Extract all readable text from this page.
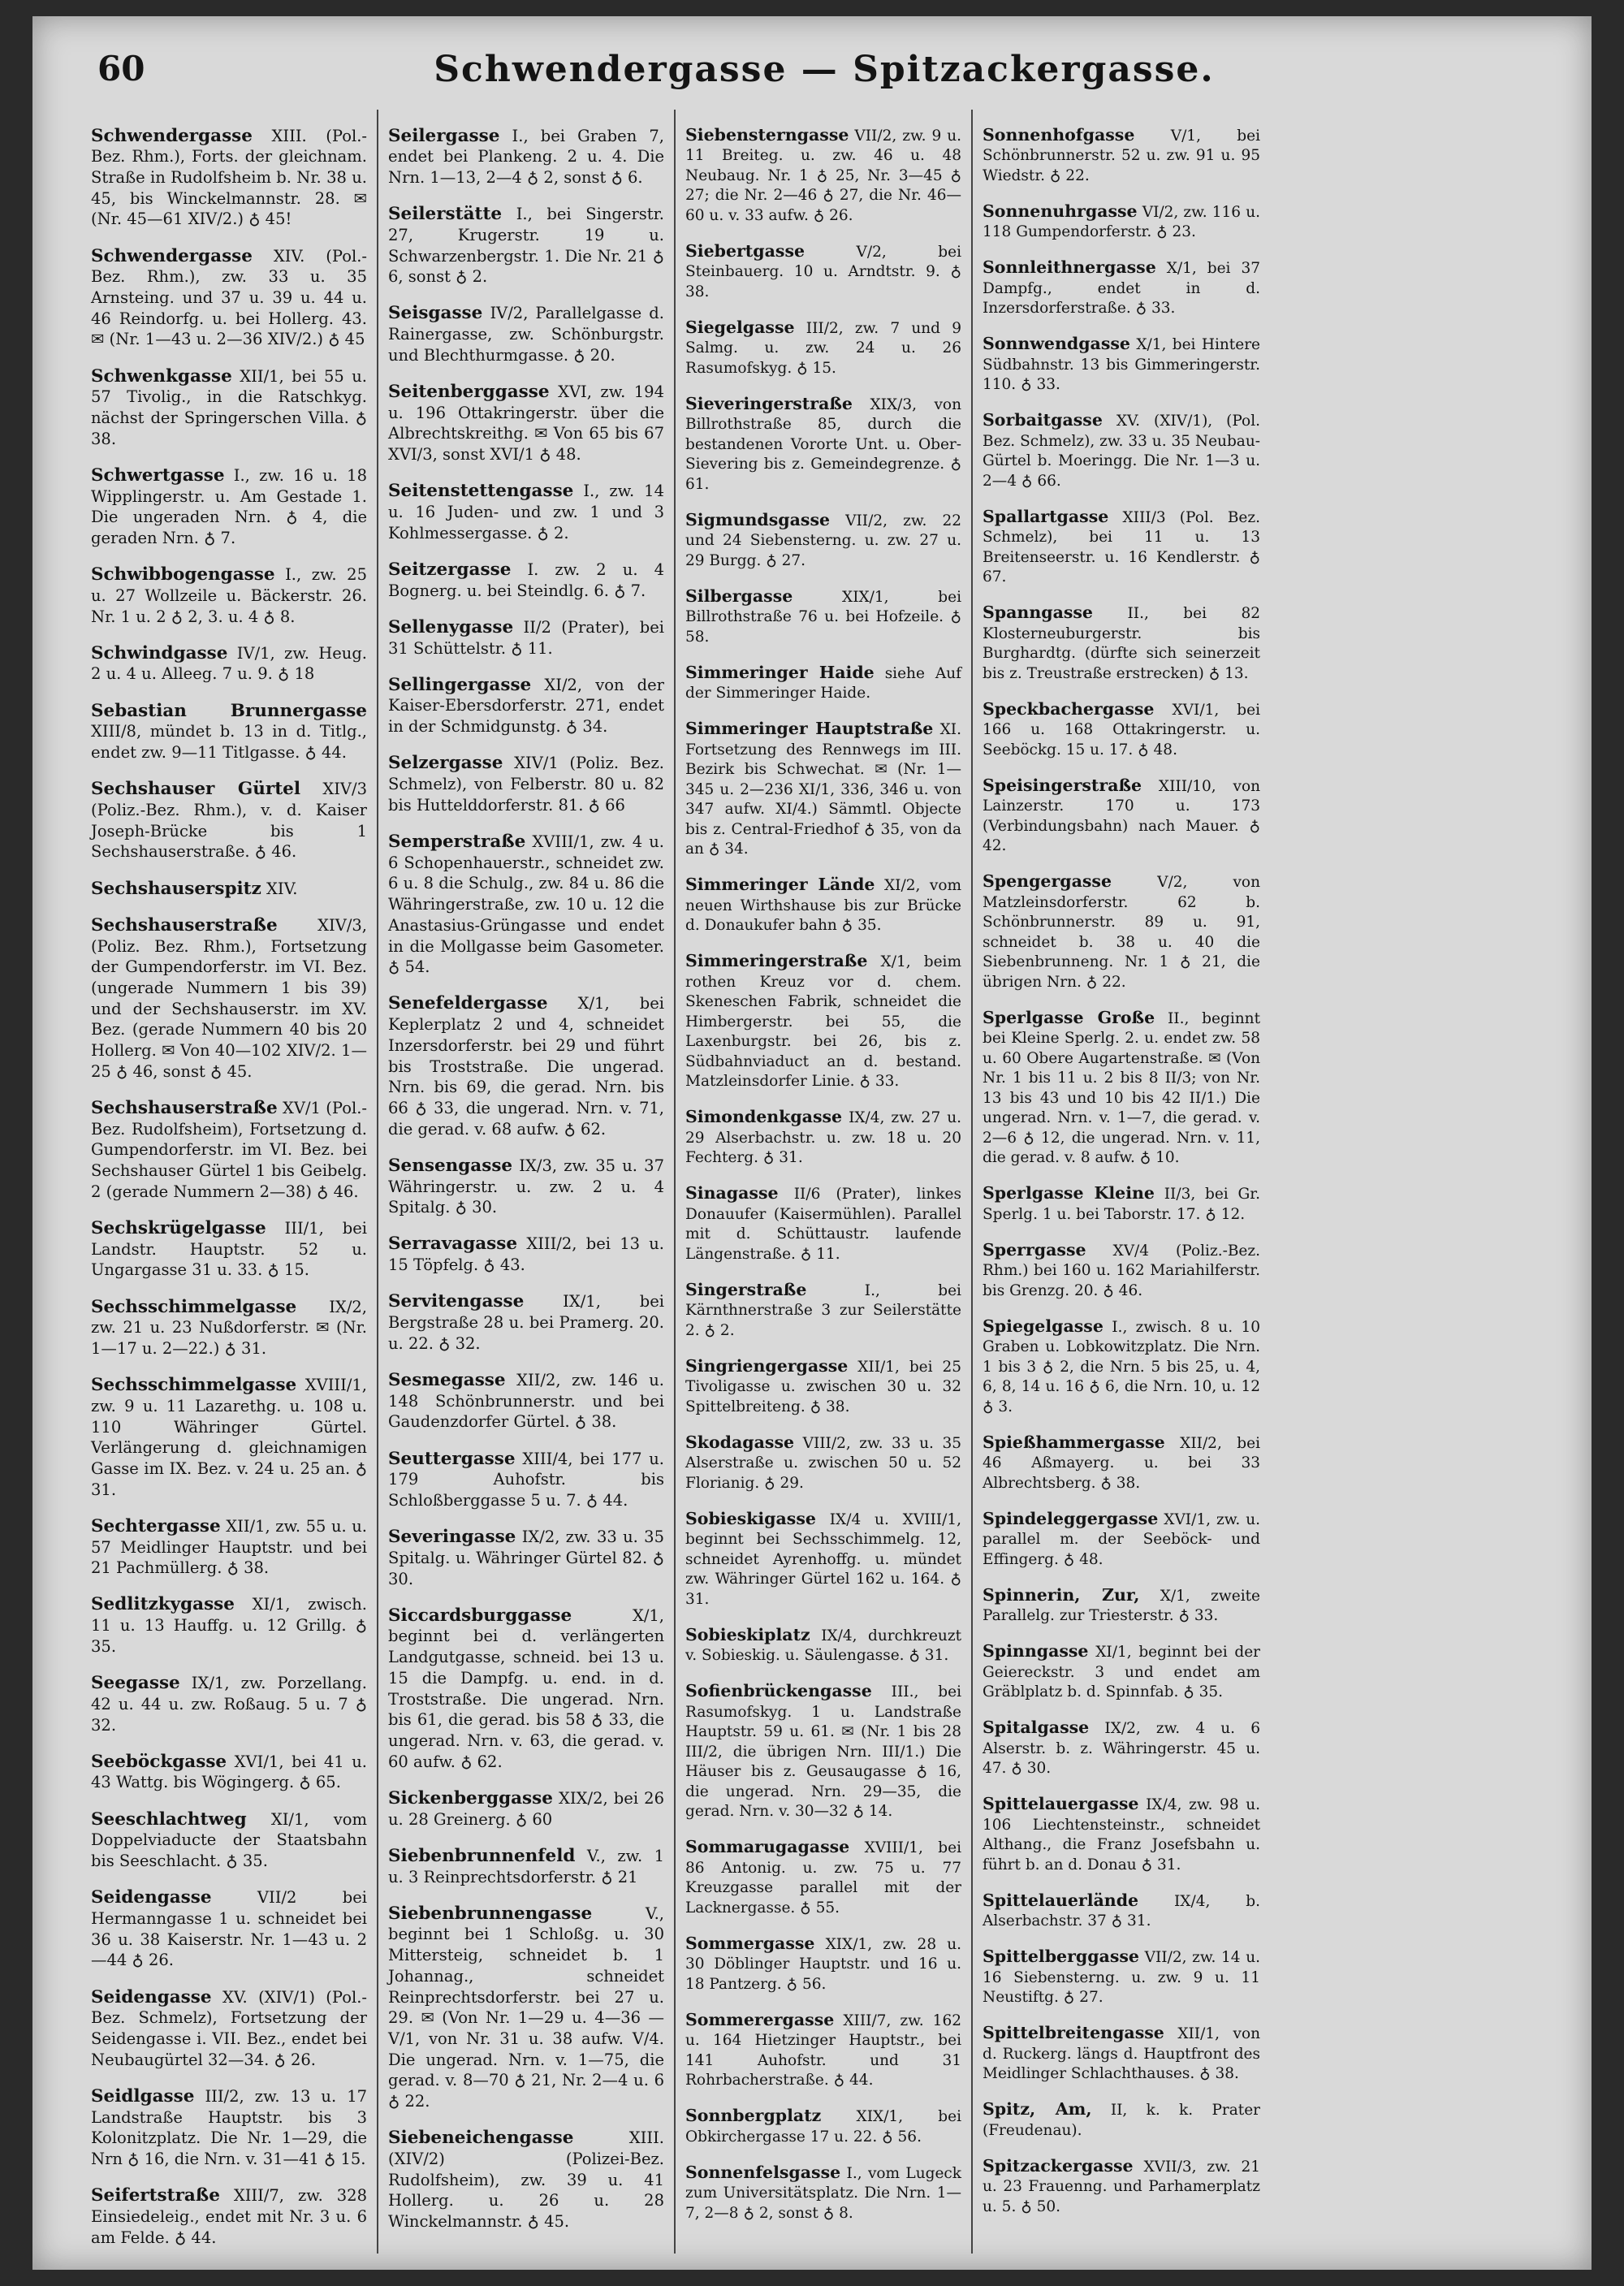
60	Schwendergasse — Spitzackergasse.

Schwendergasse XIII. (Pol.-Bez. Rhm.), Forts. der gleichnam. Straße in Rudolfsheim b. Nr. 38 u. 45, bis Winckelmannstr. 28. ✉ (Nr. 45—61 XIV/2.) ♁ 45!

Schwendergasse XIV. (Pol.-Bez. Rhm.), zw. 33 u. 35 Arnsteing. und 37 u. 39 u. 44 u. 46 Reindorfg. u. bei Hollerg. 43. ✉ (Nr. 1—43 u. 2—36 XIV/2.) ♁ 45

Schwenkgasse XII/1, bei 55 u. 57 Tivolig., in die Ratschkyg. nächst der Springerschen Villa. ♁ 38.

Schwertgasse I., zw. 16 u. 18 Wipplingerstr. u. Am Gestade 1. Die ungeraden Nrn. ♁ 4, die geraden Nrn. ♁ 7.

Schwibbogengasse I., zw. 25 u. 27 Wollzeile u. Bäckerstr. 26. Nr. 1 u. 2 ♁ 2, 3. u. 4 ♁ 8.

Schwindgasse IV/1, zw. Heug. 2 u. 4 u. Alleeg. 7 u. 9. ♁ 18

Sebastian Brunnergasse XIII/8, mündet b. 13 in d. Titlg., endet zw. 9—11 Titlgasse. ♁ 44.

Sechshauser Gürtel XIV/3 (Poliz.-Bez. Rhm.), v. d. Kaiser Joseph-Brücke bis 1 Sechshauserstraße. ♁ 46.

Sechshauserspitz XIV.

Sechshauserstraße	XIV/3, (Poliz. Bez. Rhm.), Fortsetzung der Gumpendorferstr. im VI. Bez. (ungerade Nummern 1 bis 39) und der Sechshauserstr. im XV. Bez. (gerade Nummern 40 bis 20 Hollerg. ✉ Von 40—102 XIV/2. 1—25 ♁ 46, sonst ♁ 45.

Sechshauserstraße XV/1 (Pol.-Bez. Rudolfsheim), Fortsetzung d. Gumpendorferstr. im VI. Bez. bei Sechshauser Gürtel 1 bis Geibelg. 2 (gerade Nummern 2—38) ♁ 46.

Sechskrügelgasse III/1, bei Landstr. Hauptstr. 52 u. Ungargasse 31 u. 33. ♁ 15.

Sechsschimmelgasse IX/2, zw. 21 u. 23 Nußdorferstr. ✉ (Nr. 1—17 u. 2—22.) ♁ 31.

Sechsschimmelgasse XVIII/1, zw. 9 u. 11 Lazarethg. u. 108 u. 110 Währinger Gürtel. Verlängerung d. gleichnamigen Gasse im IX. Bez. v. 24 u. 25 an. ♁ 31.

Sechtergasse XII/1, zw. 55 u. u. 57 Meidlinger Hauptstr. und bei 21 Pachmüllerg. ♁ 38.

Sedlitzkygasse XI/1, zwisch. 11 u. 13 Hauffg. u. 12 Grillg. ♁ 35.

Seegasse IX/1, zw. Porzellang. 42 u. 44 u. zw. Roßaug. 5 u. 7 ♁ 32.

Seeböckgasse XVI/1, bei 41 u. 43 Wattg. bis Wögingerg. ♁ 65.

Seeschlachtweg XI/1, vom Doppelviaducte der Staatsbahn bis Seeschlacht. ♁ 35.

Seidengasse	VII/2 bei Hermanngasse 1 u. schneidet bei 36 u. 38 Kaiserstr. Nr. 1—43 u. 2—44 ♁ 26.

Seidengasse XV. (XIV/1) (Pol.-Bez. Schmelz), Fortsetzung der Seidengasse i. VII. Bez., endet bei Neubaugürtel 32—34. ♁ 26.

Seidlgasse III/2, zw. 13 u. 17 Landstraße Hauptstr. bis 3 Kolonitzplatz. Die Nr. 1—29, die Nrn ♁ 16, die Nrn. v. 31—41 ♁ 15.

Seifertstraße XIII/7, zw. 328 Einsiedeleig., endet mit Nr. 3 u. 6 am Felde. ♁ 44.

Seilergasse I., bei Graben 7, endet bei Plankeng. 2 u. 4. Die Nrn. 1—13, 2—4 ♁ 2, sonst ♁ 6.

Seilerstätte I., bei Singerstr. 27, Krugerstr. 19 u. Schwarzenbergstr. 1. Die Nr. 21 ♁ 6, sonst ♁ 2.

Seisgasse IV/2, Parallelgasse d. Rainergasse, zw. Schönburgstr. und Blechthurmgasse. ♁ 20.

Seitenberggasse XVI, zw. 194 u. 196 Ottakringerstr. über die Albrechtskreithg. ✉ Von 65 bis 67 XVI/3, sonst XVI/1 ♁ 48.

Seitenstettengasse I., zw. 14 u. 16 Juden- und zw. 1 und 3 Kohlmessergasse. ♁ 2.

Seitzergasse I. zw. 2 u. 4 Bognerg. u. bei Steindlg. 6. ♁ 7.

Sellenygasse II/2 (Prater), bei 31 Schüttelstr. ♁ 11.

Sellingergasse XI/2, von der Kaiser-Ebersdorferstr. 271, endet in der Schmidgunstg. ♁ 34.

Selzergasse XIV/1 (Poliz. Bez. Schmelz), von Felberstr. 80 u. 82 bis Huttelddorferstr. 81. ♁ 66

Semperstraße XVIII/1, zw. 4 u. 6 Schopenhauerstr., schneidet zw. 6 u. 8 die Schulg., zw. 84 u. 86 die Währingerstraße, zw. 10 u. 12 die Anastasius-Grüngasse und endet in die Mollgasse beim Gasometer. ♁ 54.

Senefeldergasse X/1, bei Keplerplatz 2 und 4, schneidet Inzersdorferstr. bei 29 und führt bis Troststraße. Die ungerad. Nrn. bis 69, die gerad. Nrn. bis 66 ♁ 33, die ungerad. Nrn. v. 71, die gerad. v. 68 aufw. ♁ 62.

Sensengasse IX/3, zw. 35 u. 37 Währingerstr. u. zw. 2 u. 4 Spitalg. ♁ 30.

Serravagasse XIII/2, bei 13 u. 15 Töpfelg. ♁ 43.

Servitengasse IX/1, bei Bergstraße 28 u. bei Pramerg. 20. u. 22. ♁ 32.

Sesmegasse XII/2, zw. 146 u. 148 Schönbrunnerstr. und bei Gaudenzdorfer Gürtel. ♁ 38.

Seuttergasse XIII/4, bei 177 u. 179 Auhofstr. bis Schloßberggasse 5 u. 7. ♁ 44.

Severingasse IX/2, zw. 33 u. 35 Spitalg. u. Währinger Gürtel 82. ♁ 30.

Siccardsburggasse	X/1, beginnt bei d. verlängerten Landgutgasse, schneid. bei 13 u. 15 die Dampfg. u. end. in d. Troststraße. Die ungerad. Nrn. bis 61, die gerad. bis 58 ♁ 33, die ungerad. Nrn. v. 63, die gerad. v. 60 aufw. ♁ 62.

Sickenberggasse XIX/2, bei 26 u. 28 Greinerg. ♁ 60

Siebenbrunnenfeld V., zw. 1 u. 3 Reinprechtsdorferstr. ♁ 21

Siebenbrunnengasse	V., beginnt bei 1 Schloßg. u. 30 Mittersteig, schneidet b. 1 Johannag., schneidet Reinprechtsdorferstr. bei 27 u. 29. ✉ (Von Nr. 1—29 u. 4—36 — V/1, von Nr. 31 u. 38 aufw. V/4. Die ungerad. Nrn. v. 1—75, die gerad. v. 8—70 ♁ 21, Nr. 2—4 u. 6 ♁ 22.

Siebeneichengasse	XIII. (XIV/2) (Polizei-Bez. Rudolfsheim), zw. 39 u. 41 Hollerg. u. 26 u. 28 Winckelmannstr. ♁ 45.

Siebensterngasse VII/2, zw. 9 u. 11 Breiteg. u. zw. 46 u. 48 Neubaug. Nr. 1 ♁ 25, Nr. 3—45 ♁ 27; die Nr. 2—46 ♁ 27, die Nr. 46—60 u. v. 33 aufw. ♁ 26.

Siebertgasse	V/2, bei Steinbauerg. 10 u. Arndtstr. 9. ♁ 38.

Siegelgasse III/2, zw. 7 und 9 Salmg. u. zw. 24 u. 26 Rasumofskyg. ♁ 15.

Sieveringerstraße XIX/3, von Billrothstraße 85, durch die bestandenen Vororte Unt. u. Ober-Sievering bis z. Gemeindegrenze. ♁ 61.

Sigmundsgasse VII/2, zw. 22 und 24 Siebensterng. u. zw. 27 u. 29 Burgg. ♁ 27.

Silbergasse	XIX/1, bei Billrothstraße 76 u. bei Hofzeile. ♁ 58.

Simmeringer Haide siehe Auf der Simmeringer Haide.

Simmeringer Hauptstraße XI. Fortsetzung des Rennwegs im III. Bezirk bis Schwechat. ✉ (Nr. 1—345 u. 2—236 XI/1, 336, 346 u. von 347 aufw. XI/4.) Sämmtl. Objecte bis z. Central-Friedhof ♁ 35, von da an ♁ 34.

Simmeringer Lände XI/2, vom neuen Wirthshause bis zur Brücke d. Donaukufer bahn ♁ 35.

Simmeringerstraße X/1, beim rothen Kreuz vor d. chem. Skeneschen Fabrik, schneidet die Himbergerstr. bei 55, die Laxenburgstr. bei 26, bis z. Südbahnviaduct an d. bestand. Matzleinsdorfer Linie. ♁ 33.

Simondenkgasse IX/4, zw. 27 u. 29 Alserbachstr. u. zw. 18 u. 20 Fechterg. ♁ 31.

Sinagasse II/6 (Prater), linkes Donauufer (Kaisermühlen). Parallel mit d. Schüttaustr. laufende Längenstraße. ♁ 11.

Singerstraße	I., bei Kärnthnerstraße 3 zur Seilerstätte 2. ♁ 2.

Singriengergasse XII/1, bei 25 Tivoligasse u. zwischen 30 u. 32 Spittelbreiteng. ♁ 38.

Skodagasse VIII/2, zw. 33 u. 35 Alserstraße u. zwischen 50 u. 52 Florianig. ♁ 29.

Sobieskigasse IX/4 u. XVIII/1, beginnt bei Sechsschimmelg. 12, schneidet Ayrenhoffg. u. mündet zw. Währinger Gürtel 162 u. 164. ♁ 31.

Sobieskiplatz IX/4, durchkreuzt v. Sobieskig. u. Säulengasse. ♁ 31.

Sofienbrückengasse III., bei Rasumofskyg. 1 u. Landstraße Hauptstr. 59 u. 61. ✉ (Nr. 1 bis 28 III/2, die übrigen Nrn. III/1.) Die Häuser bis z. Geusaugasse ♁ 16, die ungerad. Nrn. 29—35, die gerad. Nrn. v. 30—32 ♁ 14.

Sommarugagasse XVIII/1, bei 86 Antonig. u. zw. 75 u. 77 Kreuzgasse parallel mit der Lacknergasse. ♁ 55.

Sommergasse XIX/1, zw. 28 u. 30 Döblinger Hauptstr. und 16 u. 18 Pantzerg. ♁ 56.

Sommerergasse XIII/7, zw. 162 u. 164 Hietzinger Hauptstr., bei 141 Auhofstr. und 31 Rohrbacherstraße. ♁ 44.

Sonnbergplatz XIX/1, bei Obkirchergasse 17 u. 22. ♁ 56.

Sonnenfelsgasse I., vom Lugeck zum Universitätsplatz. Die Nrn. 1—7, 2—8 ♁ 2, sonst ♁ 8.

Sonnenhofgasse V/1, bei Schönbrunnerstr. 52 u. zw. 91 u. 95 Wiedstr. ♁ 22.

Sonnenuhrgasse VI/2, zw. 116 u. 118 Gumpendorferstr. ♁ 23.

Sonnleithnergasse X/1, bei 37 Dampfg., endet in d. Inzersdorferstraße. ♁ 33.

Sonnwendgasse X/1, bei Hintere Südbahnstr. 13 bis Gimmeringerstr. 110. ♁ 33.

Sorbaitgasse XV. (XIV/1), (Pol. Bez. Schmelz), zw. 33 u. 35 Neubau-Gürtel b. Moeringg. Die Nr. 1—3 u. 2—4 ♁ 66.

Spallartgasse XIII/3 (Pol. Bez. Schmelz), bei 11 u. 13 Breitenseerstr. u. 16 Kendlerstr. ♁ 67.

Spanngasse II., bei 82 Klosterneuburgerstr. bis Burghardtg. (dürfte sich seinerzeit bis z. Treustraße erstrecken) ♁ 13.

Speckbachergasse XVI/1, bei 166 u. 168 Ottakringerstr. u. Seeböckg. 15 u. 17. ♁ 48.

Speisingerstraße XIII/10, von Lainzerstr. 170 u. 173 (Verbindungsbahn) nach Mauer. ♁ 42.

Spengergasse	V/2, von Matzleinsdorferstr. 62 b. Schönbrunnerstr. 89 u. 91, schneidet b. 38 u. 40 die Siebenbrunneng. Nr. 1 ♁ 21, die übrigen Nrn. ♁ 22.

Sperlgasse Große II., beginnt bei Kleine Sperlg. 2. u. endet zw. 58 u. 60 Obere Augartenstraße. ✉ (Von Nr. 1 bis 11 u. 2 bis 8 II/3; von Nr. 13 bis 43 und 10 bis 42 II/1.) Die ungerad. Nrn. v. 1—7, die gerad. v. 2—6 ♁ 12, die ungerad. Nrn. v. 11, die gerad. v. 8 aufw. ♁ 10.

Sperlgasse Kleine II/3, bei Gr. Sperlg. 1 u. bei Taborstr. 17. ♁ 12.

Sperrgasse XV/4 (Poliz.-Bez. Rhm.) bei 160 u. 162 Mariahilferstr. bis Grenzg. 20. ♁ 46.

Spiegelgasse I., zwisch. 8 u. 10 Graben u. Lobkowitzplatz. Die Nrn. 1 bis 3 ♁ 2, die Nrn. 5 bis 25, u. 4, 6, 8, 14 u. 16 ♁ 6, die Nrn. 10, u. 12 ♁ 3.

Spießhammergasse XII/2, bei 46 Aßmayerg. u. bei 33 Albrechtsberg. ♁ 38.

Spindeleggergasse XVI/1, zw. u. parallel m. der Seeböck- und Effingerg. ♁ 48.

Spinnerin, Zur, X/1, zweite Parallelg. zur Triesterstr. ♁ 33.

Spinngasse XI/1, beginnt bei der Geiereckstr. 3 und endet am Gräblplatz b. d. Spinnfab. ♁ 35.

Spitalgasse IX/2, zw. 4 u. 6 Alserstr. b. z. Währingerstr. 45 u. 47. ♁ 30.

Spittelauergasse IX/4, zw. 98 u. 106 Liechtensteinstr., schneidet Althang., die Franz Josefsbahn u. führt b. an d. Donau ♁ 31.

Spittelauerlände IX/4, b. Alserbachstr. 37 ♁ 31.

Spittelberggasse VII/2, zw. 14 u. 16 Siebensterng. u. zw. 9 u. 11 Neustiftg. ♁ 27.

Spittelbreitengasse XII/1, von d. Ruckerg. längs d. Hauptfront des Meidlinger Schlachthauses. ♁ 38.

Spitz, Am, II, k. k. Prater (Freudenau).

Spitzackergasse XVII/3, zw. 21 u. 23 Frauenng. und Parhamerplatz u. 5. ♁ 50.
